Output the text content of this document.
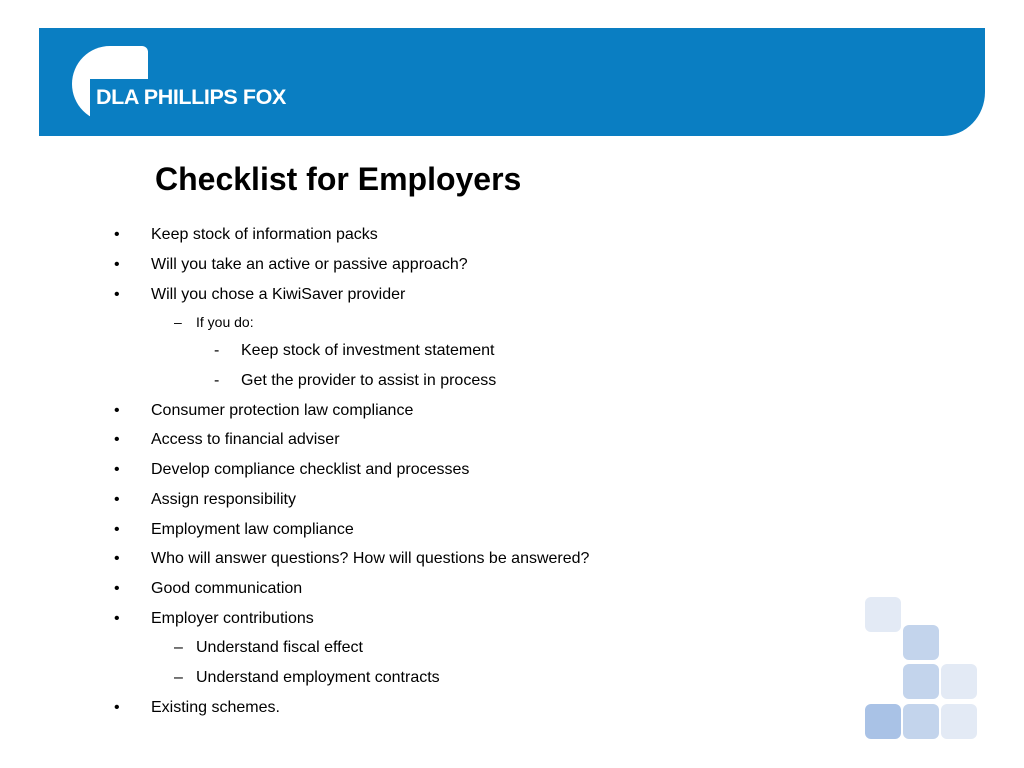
DLA PHILLIPS FOX
Checklist for Employers
• Keep stock of information packs
• Will you take an active or passive approach?
• Will you chose a KiwiSaver provider
– If you do:
- Keep stock of investment statement
- Get the provider to assist in process
• Consumer protection law compliance
• Access to financial adviser
• Develop compliance checklist and processes
• Assign responsibility
• Employment law compliance
• Who will answer questions? How will questions be answered?
• Good communication
• Employer contributions
– Understand fiscal effect
– Understand employment contracts
• Existing schemes.
